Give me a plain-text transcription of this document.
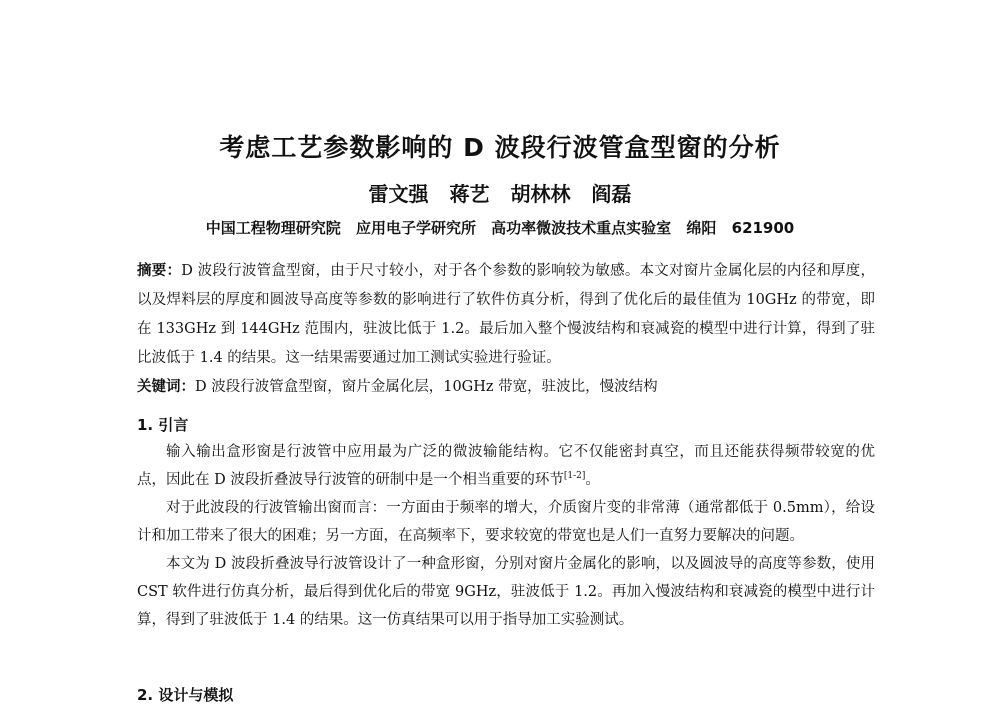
考虑工艺参数影响的 D 波段行波管盒型窗的分析
雷文强 蒋艺 胡林林 阎磊
中国工程物理研究院 应用电子学研究所 高功率微波技术重点实验室 绵阳 621900
摘要：D 波段行波管盒型窗，由于尺寸较小，对于各个参数的影响较为敏感。本文对窗片金属化层的内径和厚度，以及焊料层的厚度和圆波导高度等参数的影响进行了软件仿真分析，得到了优化后的最佳值为 10GHz 的带宽，即在 133GHz 到 144GHz 范围内，驻波比低于 1.2。最后加入整个慢波结构和衰减瓷的模型中进行计算，得到了驻比波低于 1.4 的结果。这一结果需要通过加工测试实验进行验证。
关键词：D 波段行波管盒型窗，窗片金属化层，10GHz 带宽，驻波比，慢波结构
1. 引言

输入输出盒形窗是行波管中应用最为广泛的微波输能结构。它不仅能密封真空，而且还能获得频带较宽的优点，因此在 D 波段折叠波导行波管的研制中是一个相当重要的环节[1-2]。

对于此波段的行波管输出窗而言：一方面由于频率的增大，介质窗片变的非常薄（通常都低于 0.5mm），给设计和加工带来了很大的困难；另一方面，在高频率下，要求较宽的带宽也是人们一直努力要解决的问题。

本文为 D 波段折叠波导行波管设计了一种盒形窗，分别对窗片金属化的影响，以及圆波导的高度等参数，使用 CST 软件进行仿真分析，最后得到优化后的带宽 9GHz，驻波低于 1.2。再加入慢波结构和衰减瓷的模型中进行计算，得到了驻波低于 1.4 的结果。这一仿真结果可以用于指导加工实验测试。

2. 设计与模拟
